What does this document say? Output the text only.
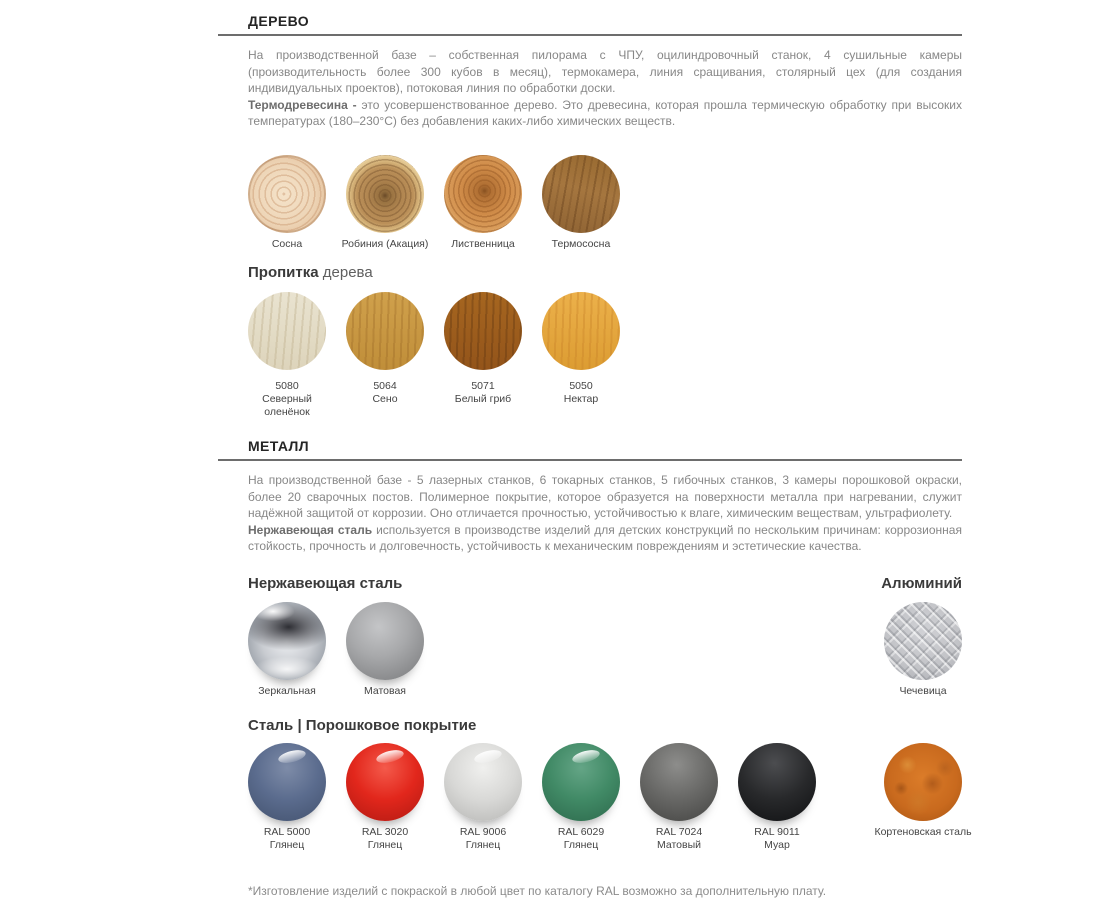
ДЕРЕВО

На производственной базе – собственная пилорама с ЧПУ, оцилиндровочный станок, 4 сушильные камеры (производительность более 300 кубов в месяц), термокамера, линия сращивания, столярный цех (для создания индивидуальных проектов), потоковая линия по обработки доски.

Термодревесина - это усовершенствованное дерево. Это древесина, которая прошла термическую обработку при высоких температурах (180–230°С) без добавления каких-либо химических веществ.

Сосна	Робиния (Акация)	Лиственница	Термососна
Пропитка дерева
5080
Северный оленёнок
5064
Сено
5071
Белый гриб
5050
Нектар
МЕТАЛЛ

На производственной базе - 5 лазерных станков, 6 токарных станков, 5 гибочных станков, 3 камеры порошковой окраски, более 20 сварочных постов. Полимерное покрытие, которое образуется на поверхности металла при нагревании, служит надёжной защитой от коррозии. Оно отличается прочностью, устойчивостью к влаге, химическим веществам, ультрафиолету.

Нержавеющая сталь используется в производстве изделий для детских конструкций по нескольким причинам: коррозионная стойкость, прочность и долговечность, устойчивость к механическим повреждениям и эстетические качества.

Нержавеющая сталь	Алюминий
Зеркальная	Матовая	Чечевица
Сталь | Порошковое покрытие
RAL 5000
Глянец
RAL 3020
Глянец
RAL 9006
Глянец
RAL 6029
Глянец
RAL 7024
Матовый
RAL 9011
Муар
Кортеновская сталь
*Изготовление изделий с покраской в любой цвет по каталогу RAL возможно за дополнительную плату.
